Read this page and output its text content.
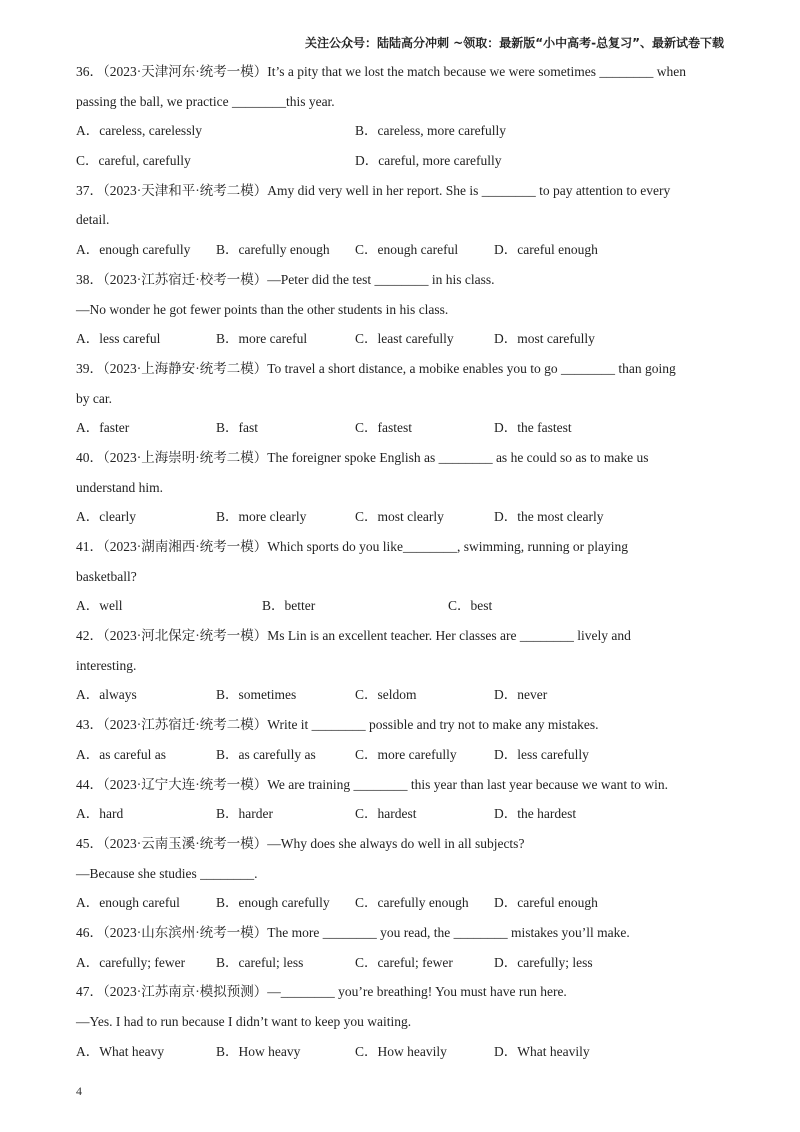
关注公众号：陆陆高分冲刺 ~领取：最新版“小中高考-总复习”、最新试卷下载
36．（2023·天津河东·统考一模）It’s a pity that we lost the match because we were sometimes ________ when
passing the ball, we practice ________this year.
A．careless, carelessly	B．careless, more carefully
C．careful, carefully	D．careful, more carefully
37．（2023·天津和平·统考二模）Amy did very well in her report. She is ________ to pay attention to every
detail.
A．enough carefully B．carefully enough C．enough careful	D．careful enough
38．（2023·江苏宿迁·校考一模）—Peter did the test ________ in his class.
—No wonder he got fewer points than the other students in his class.
A．less careful	B．more careful	C．least carefully	D．most carefully
39．（2023·上海静安·统考二模）To travel a short distance, a mobike enables you to go ________ than going
by car.
A．faster	B．fast	C．fastest	D．the fastest
40．（2023·上海崇明·统考二模）The foreigner spoke English as ________ as he could so as to make us
understand him.
A．clearly	B．more clearly	C．most clearly	D．the most clearly
41．（2023·湖南湘西·统考一模）Which sports do you like________, swimming, running or playing
basketball?
A．well	B．better	C．best
42．（2023·河北保定·统考一模）Ms Lin is an excellent teacher. Her classes are ________ lively and
interesting.
A．always	B．sometimes	C．seldom	D．never
43．（2023·江苏宿迁·统考二模）Write it ________ possible and try not to make any mistakes.
A．as careful as	B．as carefully as	C．more carefully	D．less carefully
44．（2023·辽宁大连·统考一模）We are training ________ this year than last year because we want to win.
A．hard	B．harder	C．hardest	D．the hardest
45．（2023·云南玉溪·统考一模）—Why does she always do well in all subjects?
—Because she studies ________.
A．enough careful	B．enough carefully C．carefully enough D．careful enough
46．（2023·山东滨州·统考一模）The more ________ you read, the ________ mistakes you’ll make.
A．carefully; fewer B．careful; less	C．careful; fewer	D．carefully; less
47．（2023·江苏南京·模拟预测）—________ you’re breathing! You must have run here.
—Yes. I had to run because I didn’t want to keep you waiting.
A．What heavy	B．How heavy	C．How heavily	D．What heavily
4
